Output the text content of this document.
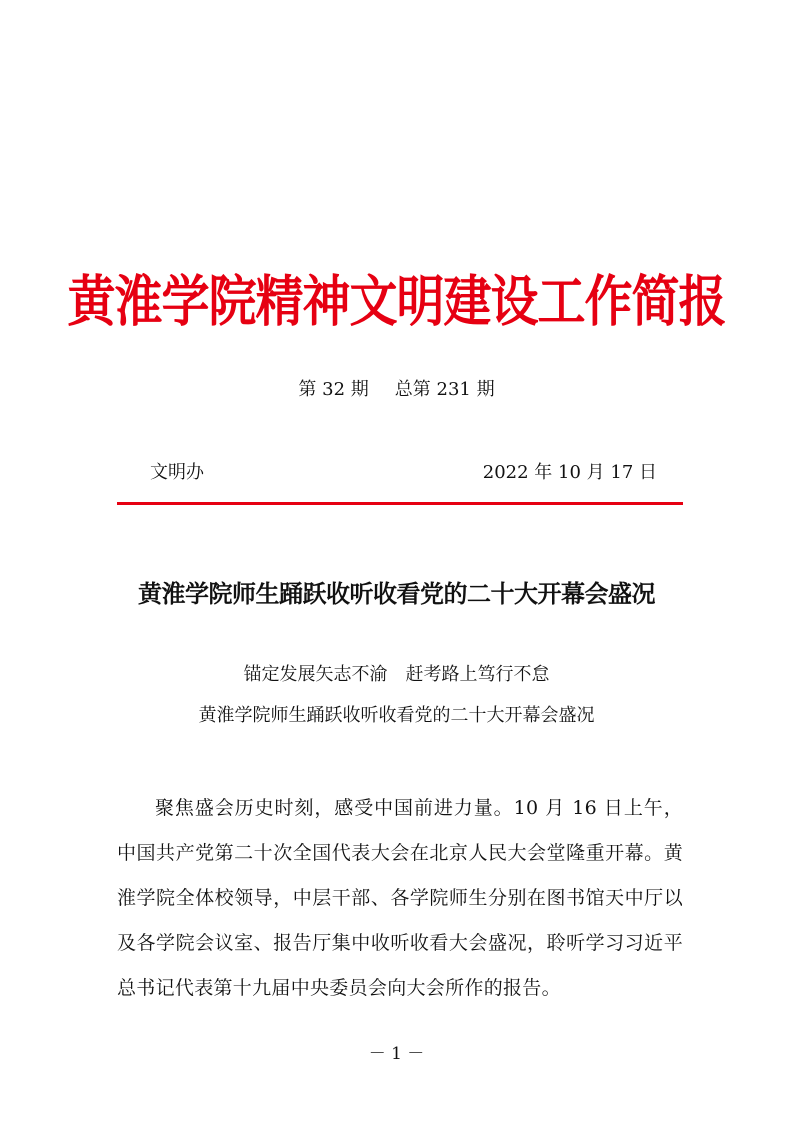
黄淮学院精神文明建设工作简报
第 32 期 总第 231 期
文明办	2022 年 10 月 17 日
黄淮学院师生踊跃收听收看党的二十大开幕会盛况
锚定发展矢志不渝　赶考路上笃行不怠
黄淮学院师生踊跃收听收看党的二十大开幕会盛况

聚焦盛会历史时刻，感受中国前进力量。10 月 16 日上午，中国共产党第二十次全国代表大会在北京人民大会堂隆重开幕。黄淮学院全体校领导，中层干部、各学院师生分别在图书馆天中厅以及各学院会议室、报告厅集中收听收看大会盛况，聆听学习习近平总书记代表第十九届中央委员会向大会所作的报告。

－ 1 －
